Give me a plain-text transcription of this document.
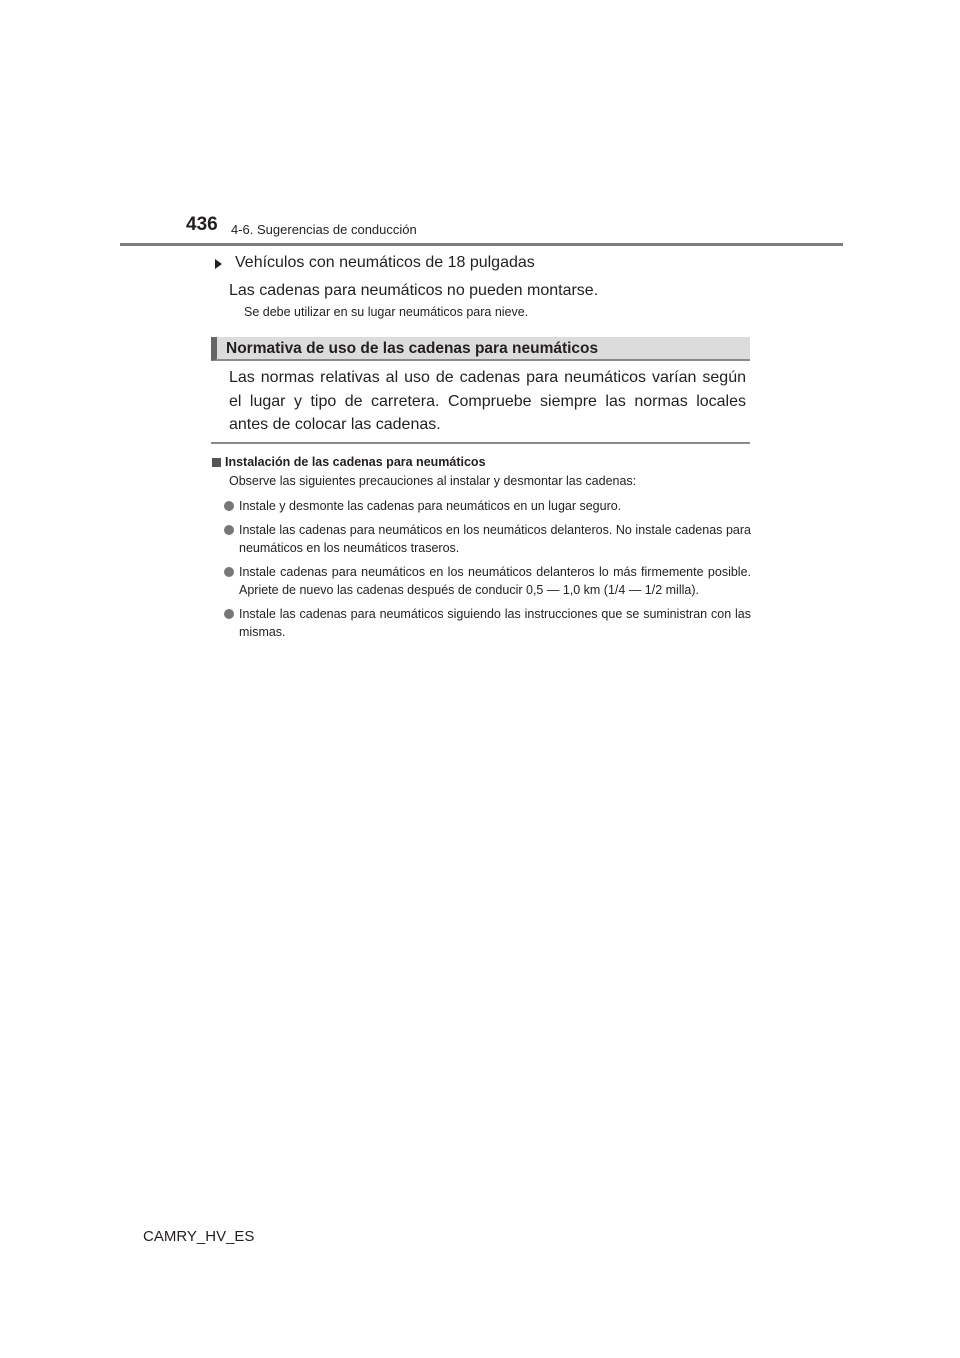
436 4-6. Sugerencias de conducción
Vehículos con neumáticos de 18 pulgadas
Las cadenas para neumáticos no pueden montarse.
Se debe utilizar en su lugar neumáticos para nieve.
Normativa de uso de las cadenas para neumáticos
Las normas relativas al uso de cadenas para neumáticos varían según el lugar y tipo de carretera. Compruebe siempre las normas locales antes de colocar las cadenas.
Instalación de las cadenas para neumáticos
Observe las siguientes precauciones al instalar y desmontar las cadenas:
Instale y desmonte las cadenas para neumáticos en un lugar seguro.
Instale las cadenas para neumáticos en los neumáticos delanteros. No instale cadenas para neumáticos en los neumáticos traseros.
Instale cadenas para neumáticos en los neumáticos delanteros lo más firmemente posible. Apriete de nuevo las cadenas después de conducir 0,5 — 1,0 km (1/4 — 1/2 milla).
Instale las cadenas para neumáticos siguiendo las instrucciones que se suministran con las mismas.
CAMRY_HV_ES
